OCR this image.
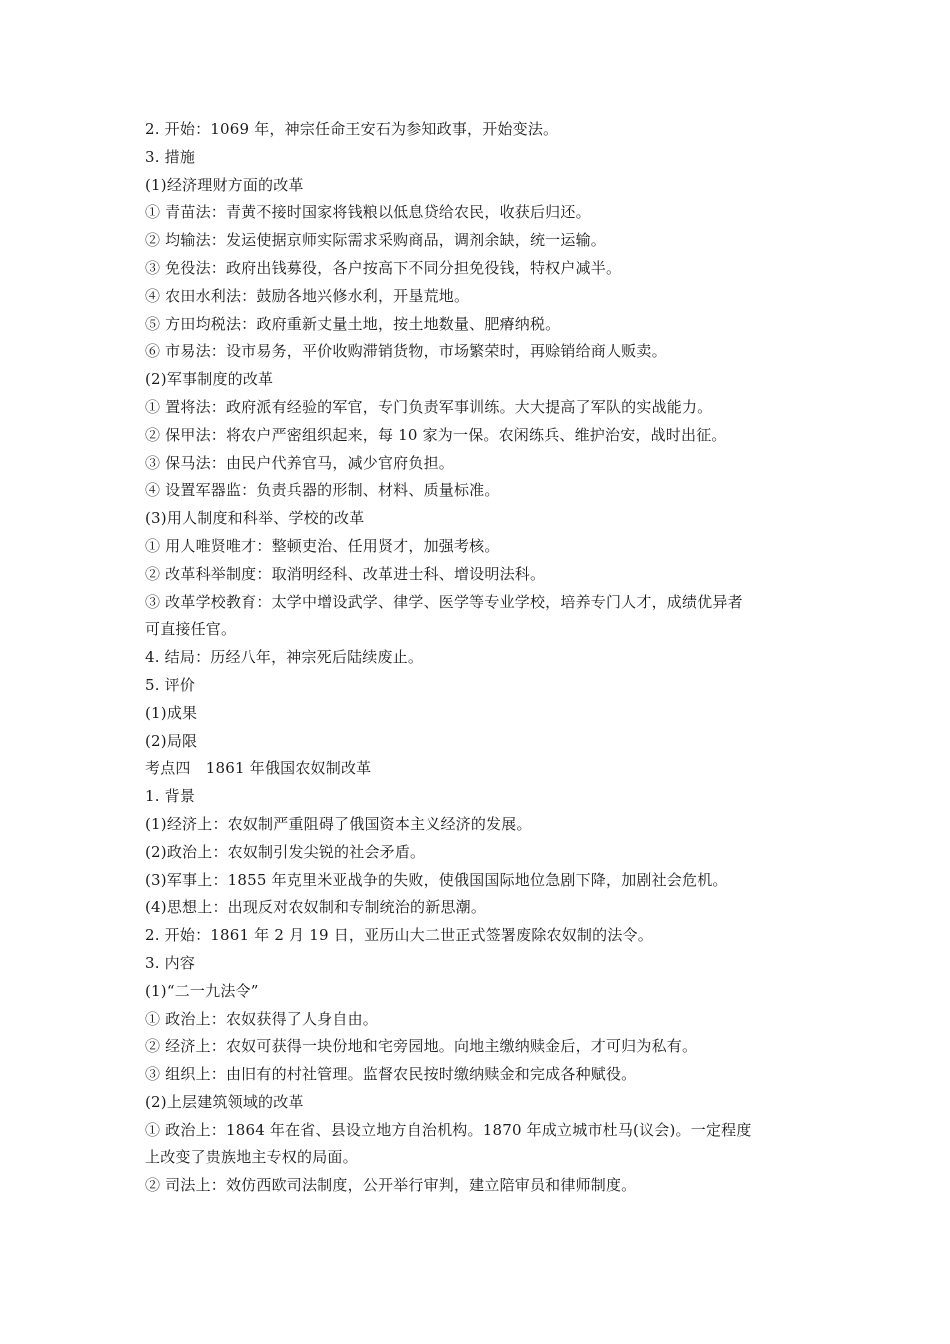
2. 开始：1069 年，神宗任命王安石为参知政事，开始变法。
3. 措施
(1)经济理财方面的改革
① 青苗法：青黄不接时国家将钱粮以低息贷给农民，收获后归还。
② 均输法：发运使据京师实际需求采购商品，调剂余缺，统一运输。
③ 免役法：政府出钱募役，各户按高下不同分担免役钱，特权户减半。
④ 农田水利法：鼓励各地兴修水利，开垦荒地。
⑤ 方田均税法：政府重新丈量土地，按土地数量、肥瘠纳税。
⑥ 市易法：设市易务，平价收购滞销货物，市场繁荣时，再赊销给商人贩卖。
(2)军事制度的改革
① 置将法：政府派有经验的军官，专门负责军事训练。大大提高了军队的实战能力。
② 保甲法：将农户严密组织起来，每 10 家为一保。农闲练兵、维护治安，战时出征。
③ 保马法：由民户代养官马，减少官府负担。
④ 设置军器监：负责兵器的形制、材料、质量标准。
(3)用人制度和科举、学校的改革
① 用人唯贤唯才：整顿吏治、任用贤才，加强考核。
② 改革科举制度：取消明经科、改革进士科、增设明法科。
③ 改革学校教育：太学中增设武学、律学、医学等专业学校，培养专门人才，成绩优异者
可直接任官。
4. 结局：历经八年，神宗死后陆续废止。
5. 评价
(1)成果
(2)局限
考点四　1861 年俄国农奴制改革
1. 背景
(1)经济上：农奴制严重阻碍了俄国资本主义经济的发展。
(2)政治上：农奴制引发尖锐的社会矛盾。
(3)军事上：1855 年克里米亚战争的失败，使俄国国际地位急剧下降，加剧社会危机。
(4)思想上：出现反对农奴制和专制统治的新思潮。
2. 开始：1861 年 2 月 19 日，亚历山大二世正式签署废除农奴制的法令。
3. 内容
(1)“二一九法令”
① 政治上：农奴获得了人身自由。
② 经济上：农奴可获得一块份地和宅旁园地。向地主缴纳赎金后，才可归为私有。
③ 组织上：由旧有的村社管理。监督农民按时缴纳赎金和完成各种赋役。
(2)上层建筑领域的改革
① 政治上：1864 年在省、县设立地方自治机构。1870 年成立城市杜马(议会)。一定程度
上改变了贵族地主专权的局面。
② 司法上：效仿西欧司法制度，公开举行审判，建立陪审员和律师制度。
